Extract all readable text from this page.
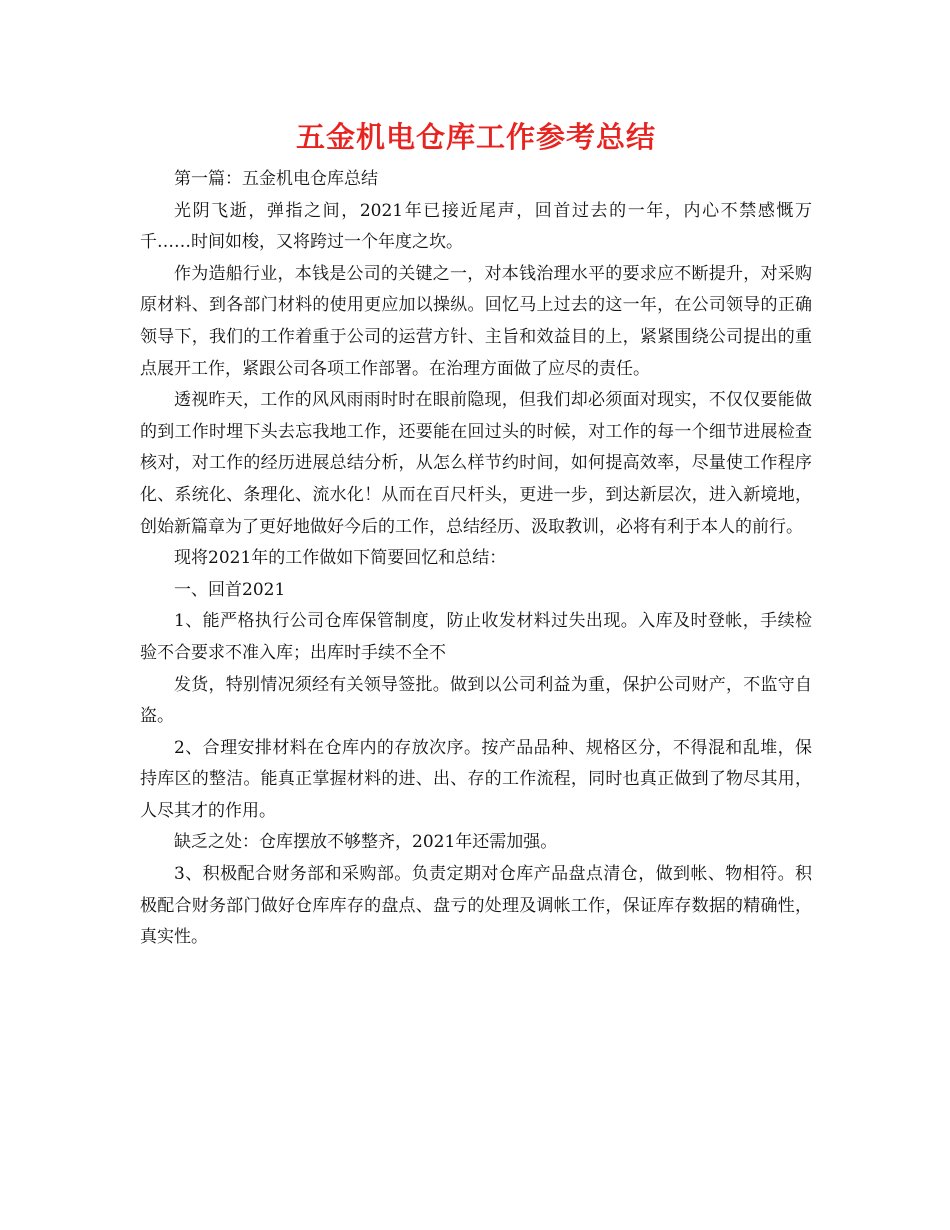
五金机电仓库工作参考总结

第一篇：五金机电仓库总结

光阴飞逝，弹指之间，2021年已接近尾声，回首过去的一年，内心不禁感慨万千……时间如梭，又将跨过一个年度之坎。

作为造船行业，本钱是公司的关键之一，对本钱治理水平的要求应不断提升，对采购原材料、到各部门材料的使用更应加以操纵。回忆马上过去的这一年，在公司领导的正确领导下，我们的工作着重于公司的运营方针、主旨和效益目的上，紧紧围绕公司提出的重点展开工作，紧跟公司各项工作部署。在治理方面做了应尽的责任。

透视昨天，工作的风风雨雨时时在眼前隐现，但我们却必须面对现实，不仅仅要能做的到工作时埋下头去忘我地工作，还要能在回过头的时候，对工作的每一个细节进展检查核对，对工作的经历进展总结分析，从怎么样节约时间，如何提高效率，尽量使工作程序化、系统化、条理化、流水化！从而在百尺杆头，更进一步，到达新层次，进入新境地，创始新篇章为了更好地做好今后的工作，总结经历、汲取教训，必将有利于本人的前行。

现将2021年的工作做如下简要回忆和总结：

一、回首2021

1、能严格执行公司仓库保管制度，防止收发材料过失出现。入库及时登帐，手续检验不合要求不准入库；出库时手续不全不

发货，特别情况须经有关领导签批。做到以公司利益为重，保护公司财产，不监守自盗。

2、合理安排材料在仓库内的存放次序。按产品品种、规格区分，不得混和乱堆，保持库区的整洁。能真正掌握材料的进、出、存的工作流程，同时也真正做到了物尽其用，人尽其才的作用。

缺乏之处：仓库摆放不够整齐，2021年还需加强。

3、积极配合财务部和采购部。负责定期对仓库产品盘点清仓，做到帐、物相符。积极配合财务部门做好仓库库存的盘点、盘亏的处理及调帐工作，保证库存数据的精确性，真实性。
